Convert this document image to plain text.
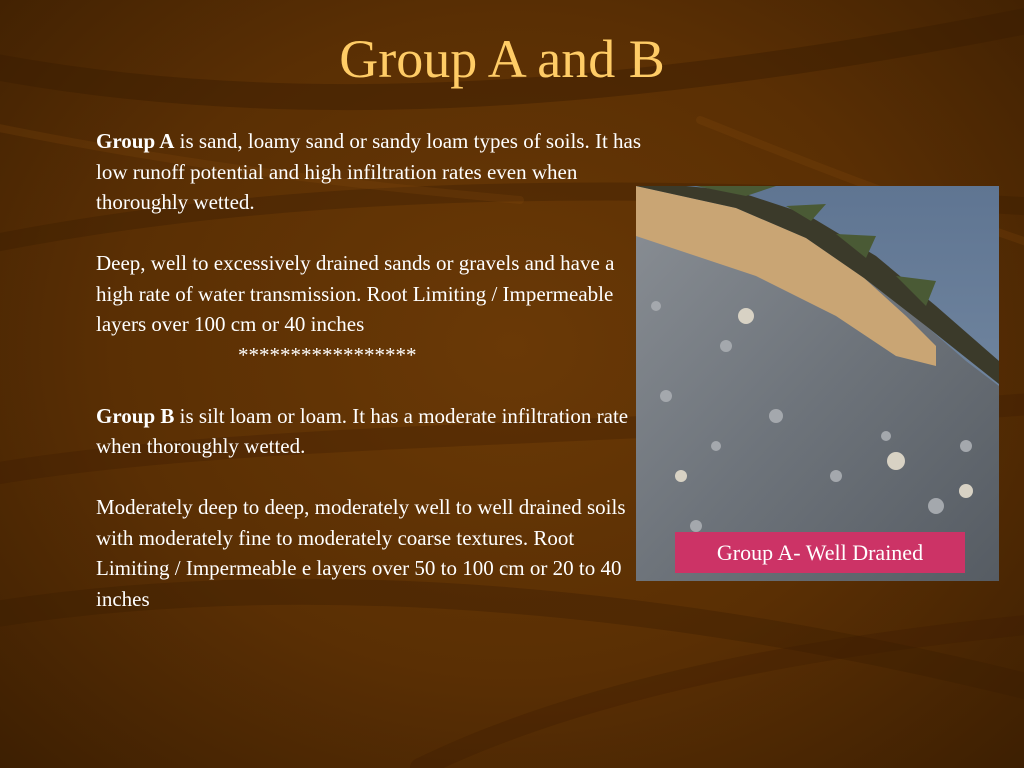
Group A and B

Group A is sand, loamy sand or sandy loam types of soils. It has low runoff potential and high infiltration rates even when thoroughly wetted.

Deep, well to excessively drained sands or gravels and have a high rate of water transmission. Root Limiting / Impermeable layers over 100 cm or 40 inches

*****************

Group B is silt loam or loam. It has a moderate infiltration rate when thoroughly wetted.

Moderately deep to deep, moderately well to well drained soils with moderately fine to moderately coarse textures. Root Limiting / Impermeable e layers over 50 to 100 cm or 20 to 40 inches

Group A- Well Drained
